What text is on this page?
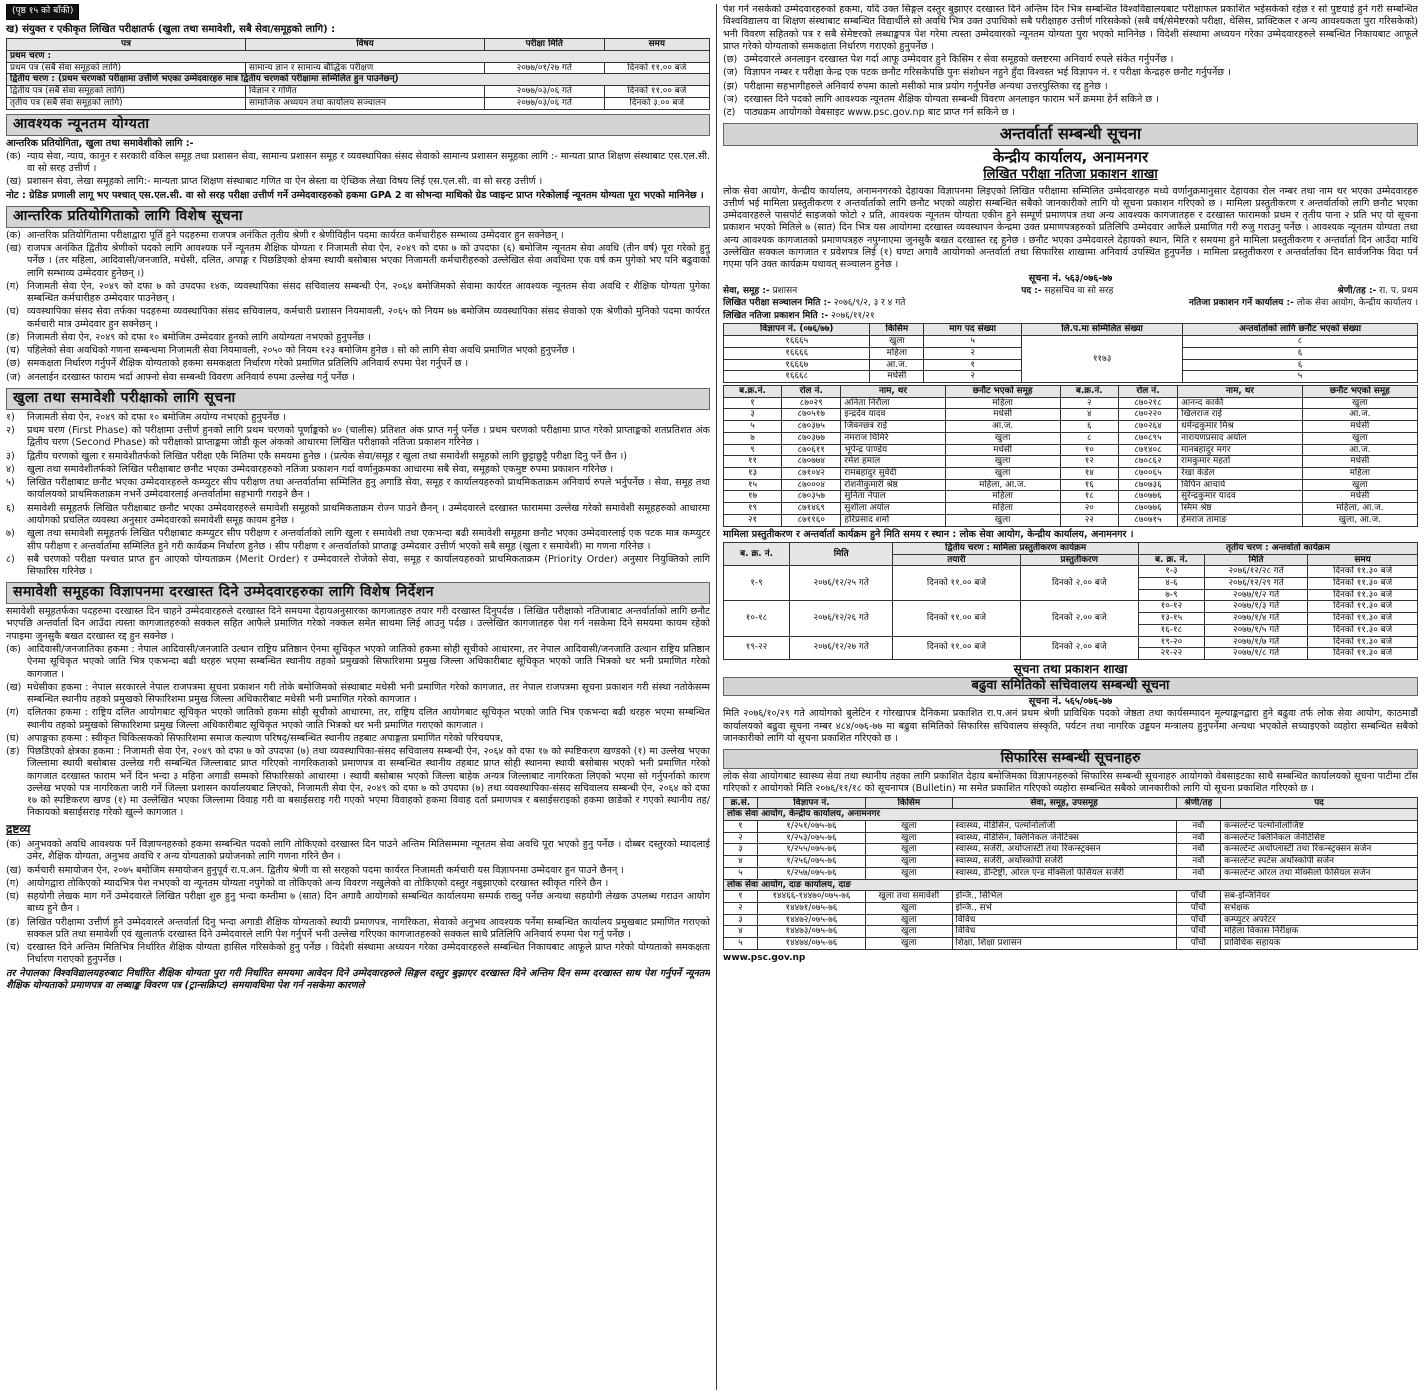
(पृष्ठ १५ को बाँकी)
ख) संयुक्त र एकीकृत लिखित परीक्षातर्फ (खुला तथा समावेशी, सबै सेवा/समूहको लागि) :
पत्र	विषय	परीक्षा मिति	समय
प्रथम चरण :			
प्रथम पत्र (सबै सेवा समूहको लागि)	सामान्य ज्ञान र सामान्य बौद्धिक परीक्षण	२०७७/०१/२७ गते	दिनको ११.०० बजे
द्वितीय चरण : (प्रथम चरणको परीक्षामा उत्तीर्ण भएका उम्मेदवारहरु मात्र द्वितीय चरणको परीक्षामा सम्मिलित हुन पाउनेछन्)			
द्वितीय पत्र (सबै सेवा समूहको लागि)	विज्ञान र गणित	२०७७/०३/०६ गते	दिनको ११.०० बजे
तृतीय पत्र (सबै सेवा समूहको लागि)	सामाजिक अध्ययन तथा कार्यालय सञ्चालन	२०७७/०३/०६ गते	दिनको ३.०० बजे
आवश्यक न्यूनतम योग्यता

आन्तरिक प्रतियोगिता, खुला तथा समावेशीको लागि :-

(क) न्याय सेवा, न्याय, कानून र सरकारी वकिल समूह तथा प्रशासन सेवा, सामान्य प्रशासन समूह र व्यवस्थापिका संसद सेवाको सामान्य प्रशासन समूहका लागि :- मान्यता प्राप्त शिक्षण संस्थाबाट एस.एल.सी. वा सो सरह उत्तीर्ण ।
(ख) प्रशासन सेवा, लेखा समूहको लागि:- मान्यता प्राप्त शिक्षण संस्थाबाट गणित वा ऐन स्रेस्ता वा ऐच्छिक लेखा विषय लिई एस.एल.सी. वा सो सरह उत्तीर्ण ।

नोट : ग्रेडिङ प्रणाली लागू भए पश्चात् एस.एल.सी. वा सो सरह परीक्षा उत्तीर्ण गर्ने उम्मेदवारहरुको हकमा GPA 2 वा सोभन्दा माथिको ग्रेड प्वाइन्ट प्राप्त गरेकोलाई न्यूनतम योग्यता पूरा भएको मानिनेछ ।

आन्तरिक प्रतियोगिताको लागि विशेष सूचना
(क) आन्तरिक प्रतियोगितामा परीक्षाद्वारा पूर्ति हुने पदहरुमा राजपत्र अनंकित तृतीय श्रेणी र श्रेणीविहीन पदमा कार्यरत कर्मचारीहरु सम्भाव्य उम्मेदवार हुन सक्नेछन् ।
(ख) राजपत्र अनंकित द्वितीय श्रेणीको पदको लागि आवश्यक पर्ने न्यूनतम शैक्षिक योग्यता र निजामती सेवा ऐन, २०४९ को दफा ७ को उपदफा (६) बमोजिम न्यूनतम सेवा अवधि (तीन वर्ष) पूरा गरेको हुनु पर्नेछ । (तर महिला, आदिवासी/जनजाति, मधेसी, दलित, अपाङ्ग र पिछडिएको क्षेत्रमा स्थायी बसोबास भएका निजामती कर्मचारीहरुको उल्लेखित सेवा अवधिमा एक वर्ष कम पुगेको भए पनि बढुवाको लागि सम्भाव्य उम्मेदवार हुनेछन् ।)
(ग) निजामती सेवा ऐन, २०४९ को दफा ७ को उपदफा १४क, व्यवस्थापिका संसद सचिवालय सम्बन्धी ऐन, २०६४ बमोजिमको सेवामा कार्यरत आवश्यक न्यूनतम सेवा अवधि र शैक्षिक योग्यता पुगेका सम्बन्धित कर्मचारीहरु उम्मेदवार पाउनेछन् ।
(घ) व्यवस्थापिका संसद सेवा तर्फका पदहरुमा व्यवस्थापिका संसद सचिवालय, कर्मचारी प्रशासन नियमावली, २०६५ को नियम ७७ बमोजिम व्यवस्थापिका संसद सेवाको एक श्रेणीको मुनिको पदमा कार्यरत कर्मचारी मात्र उम्मेदवार हुन सक्नेछन् ।
(ङ) निजामती सेवा ऐन, २०४९ को दफा १० बमोजिम उम्मेदवार हुनको लागि अयोग्यता नभएको हुनुपर्नेछ ।
(च) पहिलेको सेवा अवधिको गणना सम्बन्धमा निजामती सेवा नियमावली, २०५० को नियम १२३ बमोजिम हुनेछ । सो को लागि सेवा अवधि प्रमाणित भएको हुनुपर्नेछ ।
(छ) समकक्षता निर्धारण गर्नुपर्ने शैक्षिक योग्यताको हकमा समकक्षता निर्धारण गरेको प्रमाणित प्रतिलिपि अनिवार्य रुपमा पेश गर्नुपर्ने छ ।
(ज) अनलाईन दरखास्त फाराम भर्दा आफ्नो सेवा सम्बन्धी विवरण अनिवार्य रुपमा उल्लेख गर्नु पर्नेछ ।
खुला तथा समावेशी परीक्षाको लागि सूचना
१)	निजामती सेवा ऐन, २०४९ को दफा १० बमोजिम अयोग्य नभएको हुनुपर्नेछ ।
२)	प्रथम चरण (First Phase) को परीक्षामा उत्तीर्ण हुनको लागि प्रथम चरणको पूर्णाङ्कको ४० (चालीस) प्रतिशत अंक प्राप्त गर्नु पर्नेछ । प्रथम चरणको परीक्षामा प्राप्त गरेको प्राप्ताङ्कको शतप्रतिशत अंक द्वितीय चरण (Second Phase) को परीक्षाको प्राप्ताङ्कमा जोडी कूल अंकको आधारमा लिखित परीक्षाको नतिजा प्रकाशन गरिनेछ ।
३)	द्वितीय चरणको खुला र समावेशीतर्फको लिखित परीक्षा एकै मितिमा एकै समयमा हुनेछ । (प्रत्येक सेवा/समूह र खुला तथा समावेशी समूहको लागि छुट्टाछुट्टै परीक्षा दिनु पर्ने छैन ।)
४)	खुला तथा समावेशीतर्फको लिखित परीक्षाबाट छनौट भएका उम्मेदवारहरुको नतिजा प्रकाशन गर्दा वर्णानुक्रमका आधारमा सबै सेवा, समूहको एकमुष्ट रुपमा प्रकाशन गरिनेछ ।
५)	लिखित परीक्षाबाट छनौट भएका उम्मेदवारहरुले कम्प्युटर सीप परीक्षण तथा अन्तर्वार्तामा सम्मिलित हुनु अगाडि सेवा, समूह र कार्यालयहरुको प्राथमिकताक्रम अनिवार्य रुपले भर्नुपर्नेछ । सेवा, समूह तथा कार्यालयको प्राथमिकताक्रम नभर्ने उम्मेदवारलाई अन्तर्वार्तामा सहभागी गराइने छैन ।
६)	समावेशी समूहतर्फ लिखित परीक्षाबाट छनौट भएका उम्मेदवारहरुले समावेशी समूहको प्राथमिकताक्रम रोज्न पाउने छैनन् । उम्मेदवारले दरखास्त फाराममा उल्लेख गरेको समावेशी समूहहरुको आधारमा आयोगको प्रचलित व्यवस्था अनुसार उम्मेदवारको समावेशी समूह कायम हुनेछ ।
७)	खुला तथा समावेशी समूहतर्फ लिखित परीक्षाबाट कम्प्युटर सीप परीक्षण र अन्तर्वार्ताको लागि खुला र समावेशी तथा एकभन्दा बढी समावेशी समूहमा छनौट भएका उम्मेदवारलाई एक पटक मात्र कम्प्युटर सीप परीक्षण र अन्तर्वार्तामा सम्मिलित हुने गरी कार्यक्रम निर्धारण हुनेछ । सीप परीक्षण र अन्तर्वार्ताको प्राप्ताङ्क उम्मेदवार उत्तीर्ण भएको सबै समूह (खुला र समावेशी) मा गणना गरिनेछ ।
८)	सबै चरणको परीक्षा पश्चात प्राप्त हुन आएको योग्यताक्रम (Merit Order) र उम्मेदवारले रोजेको सेवा, समूह र कार्यालयहरुको प्राथमिकताक्रम (Priority Order) अनुसार नियुक्तिको लागि सिफारिस गरिनेछ ।
समावेशी समूहका विज्ञापनमा दरखास्त दिने उम्मेदवारहरुका लागि विशेष निर्देशन

समावेशी समूहतर्फका पदहरुमा दरखास्त दिन चाहने उम्मेदवारहरुले दरखास्त दिने समयमा देहायअनुसारका कागजातहरु तयार गरी दरखास्त दिनुपर्दछ । लिखित परीक्षाको नतिजाबाट अन्तर्वार्ताको लागि छनौट भएपछि अन्तर्वार्ता दिन आउँदा त्यस्ता कागजातहरुको सक्कल सहित आफैले प्रमाणित गरेको नक्कल समेत साथमा लिई आउनु पर्दछ । उल्लेखित कागजातहरु पेश गर्न नसकेमा दिने समयमा कायम रहेको नपाइमा जुनसुकै बखत दरखास्त रद्द हुन सक्नेछ ।

(क) आदिवासी/जनजातिका हकमा : नेपाल आदिवासी/जनजाति उत्थान राष्ट्रिय प्रतिष्ठान ऐनमा सूचिकृत भएको जातिको हकमा सोही सूचीको आधारमा, तर नेपाल आदिवासी/जनजाति उत्थान राष्ट्रिय प्रतिष्ठान ऐनमा सूचिकृत भएको जाति भित्र एकभन्दा बढी थरहरु भएमा सम्बन्धित स्थानीय तहको प्रमुखको सिफारिशमा प्रमुख जिल्ला अधिकारीबाट सूचिकृत भएको जाति भित्रको थर भनी प्रमाणित गरेको कागजात ।
(ख) मधेसीका हकमा : नेपाल सरकारले नेपाल राजपत्रमा सूचना प्रकाशन गरी तोके बमोजिमको संस्थाबाट मधेसी भनी प्रमाणित गरेको कागजात, तर नेपाल राजपत्रमा सूचना प्रकाशन गरी संस्था नतोकेसम्म सम्बन्धित स्थानीय तहको प्रमुखको सिफारिशमा प्रमुख जिल्ला अधिकारीबाट मधेसी भनी प्रमाणित गरेको कागजात ।
(ग) दलितका हकमा : राष्ट्रिय दलित आयोगबाट सूचिकृत भएको जातिको हकमा सोही सूचीको आधारमा, तर, राष्ट्रिय दलित आयोगबाट सूचिकृत भएको जाति भित्र एकभन्दा बढी थरहरु भएमा सम्बन्धित स्थानीय तहको प्रमुखको सिफारिशमा प्रमुख जिल्ला अधिकारीबाट सूचिकृत भएको जाति भित्रको थर भनी प्रमाणित गराएको कागजात ।
(घ) अपाङ्गका हकमा : स्वीकृत चिकित्सकको सिफारिशमा समाज कल्याण परिषद्/सम्बन्धित स्थानीय तहबाट अपाङ्गता प्रमाणित गरेको परिचयपत्र,
(ङ) पिछडिएको क्षेत्रका हकमा : निजामती सेवा ऐन, २०४९ को दफा ७ को उपदफा (७) तथा व्यवस्थापिका-संसद सचिवालय सम्बन्धी ऐन, २०६४ को दफा १७ को स्पष्टिकरण खण्डको (१) मा उल्लेख भएका जिल्लामा स्थायी बसोबास उल्लेख गरी सम्बन्धित जिल्लाबाट प्राप्त गरिएको नागरिकताको प्रमाणपत्र वा सम्बन्धित स्थानीय तहबाट प्राप्त सोही स्थानमा स्थायी बसोबास भएको भनी प्रमाणित गरेको कागजात दरखास्त फाराम भर्ने दिन भन्दा ३ महिना अगाडी सम्मको सिफारिसको आधारमा । स्थायी बसोबास भएको जिल्ला बाहेक अन्यत्र जिल्लाबाट नागरिकता लिएको भएमा सो गर्नुपर्नाको कारण उल्लेख भएको पत्र नागरिकता जारी गर्ने जिल्ला प्रशासन कार्यालयबाट लिएको, निजामती सेवा ऐन, २०४९ को दफा ७ को उपदफा (७) तथा व्यवस्थापिका-संसद सचिवालय सम्बन्धी ऐन, २०६४ को दफा १७ को स्पष्टिकरण खण्ड (१) मा उल्लेखित भएका जिल्लामा विवाह गरी वा बसाईसराइ गरी गएको भएमा विवाहको हकमा विवाह दर्ता प्रमाणपत्र र बसाईसराइको हकमा छाडेको र गएको स्थानीय तह/निकायको बसाईसराइ गरेको खुल्ने कागजात ।
द्रष्टव्य
(क) अनुभवको अवधि आवश्यक पर्ने विज्ञापनहरुको हकमा सम्बन्धित पदको लागि तोकिएको दरखास्त दिन पाउने अन्तिम मितिसम्ममा न्यूनतम सेवा अवधि पूरा भएको हुनु पर्नेछ । दोब्बर दस्तुरको म्यादलाई उमेर, शैक्षिक योग्यता, अनुभव अवधि र अन्य योग्यताको प्रयोजनको लागि गणना गरिने छैन ।
(ख) कर्मचारी समायोजन ऐन, २०७५ बमोजिम समायोजन हुनुपूर्व रा.प.अन. द्वितीय श्रेणी वा सो सरहको पदमा कार्यरत निजामती कर्मचारी यस विज्ञापनमा उम्मेदवार हुन पाउने छैनन् ।
(ग) आयोगद्वारा तोकिएको म्यादभित्र पेश नभएको वा न्यूनतम योग्यता नपुगेको वा तोकिएको अन्य विवरण नखुलेको वा तोकिएको दस्तुर नबुझाएको दरखास्त स्वीकृत गरिने छैन ।
(घ) सहयोगी लेखक माग गर्ने उम्मेदवारले लिखित परीक्षा शुरु हुनु भन्दा कम्तीमा ७ (सात) दिन अगावै आयोगको सम्बन्धित कार्यालयमा सम्पर्क राख्नु पर्नेछ अन्यथा सहयोगी लेखक उपलब्ध गराउन आयोग बाध्य हुने छैन ।
(ङ) लिखित परीक्षामा उत्तीर्ण हुने उम्मेदवारले अन्तर्वार्ता दिनु भन्दा अगाडी शैक्षिक योग्यताको स्थायी प्रमाणपत्र, नागरिकता, सेवाको अनुभव आवश्यक पर्नेमा सम्बन्धित कार्यालय प्रमुखबाट प्रमाणित गराएको सक्कल प्रति तथा समावेशी एवं खुलातर्फ दरखास्त दिने उम्मेदवारले लागि पेश गर्नुपर्ने भनी उल्लेख गरिएका कागजातहरुको सक्कल साथै प्रतिलिपि अनिवार्य रुपमा पेश गर्नु पर्नेछ ।
(च) दरखास्त दिने अन्तिम मितिभित्र निर्धारित शैक्षिक योग्यता हासिल गरिसकेको हुनु पर्नेछ । विदेशी संस्थामा अध्ययन गरेका उम्मेदवारहरुले सम्बन्धित निकायबाट आफूले प्राप्त गरेको योग्यताको समकक्षता निर्धारण गराएको हुनुपर्नेछ ।

तर नेपालका विश्वविद्यालयहरुबाट निर्धारित शैक्षिक योग्यता पुरा गरी निर्धारित समयमा आवेदन दिने उम्मेदवारहरुले सिङ्गल दस्तुर बुझाएर दरखास्त दिने अन्तिम दिन सम्म दरखास्त साथ पेश गर्नुपर्ने न्यूनतम शैक्षिक योग्यताको प्रमाणपत्र वा लब्धाङ्क विवरण पत्र (ट्रान्सक्रिप्ट) समयावधिमा पेश गर्न नसकेमा कारणले

पेश गर्न नसकेको उम्मेदवारहरुको हकमा, यदि उक्त सिङ्गल दस्तुर बुझाएर दरखास्त दिने अन्तिम दिन भित्र सम्बन्धित विश्वविद्यालयबाट परीक्षाफल प्रकाशित भईसकेको रहेछ र सो पुष्टयाई हुने गरी सम्बन्धित विश्वविद्यालय वा शिक्षण संस्थाबाट सम्बन्धित विद्यार्थीले सो अवधि भित्र उक्त उपाधिको सबै परीक्षाहरु उत्तीर्ण गरिसकेको (सबै वर्ष/सेमेष्टरको परीक्षा, थेसिस, प्राक्टिकल र अन्य आवश्यकता पुरा गरिसकेको) भनी विवरण सहितको पत्र र सबै सेमेष्टरको लब्धाङ्कपत्र पेश गरेमा त्यस्ता उम्मेदवारको न्यूनतम योग्यता पुरा भएको मानिनेछ । विदेशी संस्थामा अध्ययन गरेका उम्मेदवारहरुले सम्बन्धित निकायबाट आफूले प्राप्त गरेको योग्यताको समकक्षता निर्धारण गराएको हुनुपर्नेछ ।

(छ) उम्मेदवारले अनलाइन दरखास्त पेश गर्दा आफू उम्मेदवार हुने किसिम र सेवा समूहको क्लष्टरमा अनिवार्य रुपले संकेत गर्नुपर्नेछ ।
(ज) विज्ञापन नम्बर र परीक्षा केन्द्र एक पटक छनौट गरिसकेपछि पुनः संशोधन नहुने हुँदा विश्वस्त भई विज्ञापन नं. र परीक्षा केन्द्रहरु छनौट गर्नुपर्नेछ ।
(झ) परीक्षामा सहभागीहरुले अनिवार्य रुपमा कालो मसीको मात्र प्रयोग गर्नुपर्नेछ अन्यथा उत्तरपुस्तिका रद्द हुनेछ ।
(ञ) दरखास्त दिने पदको लागि आवश्यक न्यूनतम शैक्षिक योग्यता सम्बन्धी विवरण अनलाइन फाराम भर्ने क्रममा हेर्न सकिने छ ।
(ट) पाठ्यक्रम आयोगको वेबसाइट www.psc.gov.np बाट प्राप्त गर्न सकिने छ ।
अन्तर्वार्ता सम्बन्धी सूचना
केन्द्रीय कार्यालय, अनामनगर
लिखित परीक्षा नतिजा प्रकाशन शाखा

लोक सेवा आयोग, केन्द्रीय कार्यालय, अनामनगरको देहायका विज्ञापनमा लिइएको लिखित परीक्षामा सम्मिलित उम्मेदवारहरु मध्ये वर्णानुक्रमानुसार देहायका रोल नम्बर तथा नाम थर भएका उम्मेदवारहरु उत्तीर्ण भई मामिला प्रस्तुतीकरण र अन्तर्वार्ताको लागि छनौट भएको व्यहोरा सम्बन्धित सबैको जानकारीको लागि यो सूचना प्रकाशन गरिएको छ । मामिला प्रस्तुतीकरण र अन्तर्वार्ताको लागि छनौट भएका उम्मेदवारहरुले पासपोर्ट साइजको फोटो २ प्रति, आवश्यक न्यूनतम योग्यता एकीन हुने सम्पूर्ण प्रमाणपत्र तथा अन्य आवश्यक कागजातहरु र दरखास्त फारामको प्रथम र तृतीय पाना २ प्रति भए यो सूचना प्रकाशन भएको मितिले ७ (सात) दिन भित्र यस आयोगमा दरखास्त व्यवस्थापन केन्द्रमा उक्त प्रमाणपत्रहरुको प्रतिलिपि उम्मेदवार आफैंले प्रमाणित गरी रुजु गराउनु पर्नेछ । आवश्यक न्यूनतम योग्यता तथा अन्य आवश्यक कागजातको प्रमाणपत्रहरु नपुग्नाएमा जुनसुकै बखत दरखास्त रद्द हुनेछ । छनौट भएका उम्मेदवारले देहायको स्थान, मिति र समयमा हुने मामिला प्रस्तुतीकरण र अन्तर्वार्ता दिन आउँदा माथि उल्लेखित सक्कल कागजात र प्रवेशपत्र लिई (१) घण्टा अगावै आयोगको अन्तर्वार्ता तथा सिफारिस शाखामा अनिवार्य उपस्थित हुनुपर्नेछ । मामिला प्रस्तुतीकरण र अन्तर्वार्ताका दिन सार्वजनिक विदा पर्न गएमा पनि उक्त कार्यक्रम यथावत् सञ्चालन हुनेछ ।

सूचना नं. ५६३/०७६-७७
सेवा, समूह :- प्रशासन	पद :- सहसचिव वा सो सरह	श्रेणी/तह :- रा. प. प्रथम
लिखित परीक्षा सञ्चालन मिति :- २०७६/९/२, ३ र ४ गते	नतिजा प्रकाशन गर्ने कार्यालय :- लोक सेवा आयोग, केन्द्रीय कार्यालय ।
लिखित नतिजा प्रकाशन मिति :- २०७६/११/२१
विज्ञापन नं. (०७६/७७)	किसिम	माग पद संख्या	लि.प.मा सम्मिलित संख्या	अन्तर्वार्ताको लागि छनौट भएको संख्या
१६६६५	खुला	५	११७३	८
१६६६६	महिला	२		६
१६६६७	आ.ज.	१		६
१६६६८	मधेसी	२		५
ब.क्र.नं.	रोल नं.	नाम, थर	छनौट भएको समूह	ब.क्र.नं.	रोल नं.	नाम, थर	छनौट भएको समूह
१	८७०२९	अनिता निरौला	महिला	२	८७०२१८	आनन्द कार्की	खुला
३	८७०५१७	इन्द्रदेव यादव	मधेसी	४	८७०२२०	खिलराज राई	आ.ज.
५	८७०३७५	जिवनछत्र राई	आ.ज.	६	८७०२६४	धर्मेन्द्रकुमार मिश्र	मधेसी
७	८७०३७७	नमराज घिमिरे	खुला	८	८७०८९५	नारायणप्रसाद अर्याल	खुला
९	८७०६११	भूपेन्द्र पाण्डेय	मधेसी	१०	८७१४०८	मानबहादुर मगर	आ.ज.
११	८७०७७४	रमेश हमाल	खुला	१२	८७०८६२	रामकुमार महतो	मधेसी
१३	८७१०४२	रामबहादुर सुवेदी	खुला	१४	८७००६५	रेखा केडेल	महिला
१५	८७०००४	रोशनीकुमारी श्रेष्ठ	महिला, आ.ज.	१६	८७०७३६	विपिन आचार्य	खुला
१७	८७०३५७	सुनिता नेपाल	महिला	१८	८७०७७६	सुरेन्द्रकुमार यादव	मधेसी
१९	८७१४६९	सुशीला अर्याल	महिला	२०	८७०७७६	स्मिम श्रेष्ठ	महिला, आ.ज.
२१	८७११६०	हरिप्रसाद शर्मा	खुला	२२	८७०७१५	हेमराज तामाङ	खुला, आ.ज.

मामिला प्रस्तुतीकरण र अन्तर्वार्ता कार्यक्रम हुने मिति समय र स्थान : लोक सेवा आयोग, केन्द्रीय कार्यालय, अनामनगर ।

ब. क्र. नं.	मिति	द्वितीय चरण : मामिला प्रस्तुतीकरण कार्यक्रम		तृतीय चरण : अन्तर्वार्ता कार्यक्रम		
		तयारी	प्रस्तुतीकरण	ब. क्र. नं.	मिति	समय
१-९	२०७६/१२/२५ गते	दिनको ११.०० बजे	दिनको २.०० बजे	१-३	२०७६/१२/२८ गते	दिनको ११.३० बजे
				४-६	२०७६/१२/२९ गते	दिनको ११.३० बजे
				७-९	२०७७/१/२ गते	दिनको ११.३० बजे
१०-१८	२०७६/१२/२६ गते	दिनको ११.०० बजे	दिनको २.०० बजे	१०-१२	२०७७/१/३ गते	दिनको ११.३० बजे
				१३-१५	२०७७/१/४ गते	दिनको ११.३० बजे
				१६-१८	२०७७/१/५ गते	दिनको ११.३० बजे
१९-२२	२०७६/१२/२७ गते	दिनको ११.०० बजे	दिनको २.०० बजे	१९-२०	२०७७/१/७ गते	दिनको ११.३० बजे
				२१-२२	२०७७/१/८ गते	दिनको ११.३० बजे
सूचना तथा प्रकाशन शाखा
बढुवा समितिको सचिवालय सम्बन्धी सूचना
सूचना नं. ५६५/०७६-७७

मिति २०७६/१०/२९ गते आयोगको बुलेटिन र गोरखापत्र दैनिकमा प्रकाशित रा.प.अनं प्रथम श्रेणी प्राविधिक पदको जेष्ठता तथा कार्यसम्पादन मूल्याङ्कनद्वारा हुने बढुवा तर्फ लोक सेवा आयोग, काठमाडौं कार्यालयको बढुवा सूचना नम्बर ४८४/०७६-७७ मा बढुवा समितिको सिफारिस सचिवालय संस्कृति, पर्यटन तथा नागरिक उड्डयन मन्त्रालय हुनुपर्नेमा अन्यथा भएकोले सच्याइएको व्यहोरा सम्बन्धित सबैको जानकारीको लागि यो सूचना प्रकाशित गरिएको छ ।

सिफारिस सम्बन्धी सूचनाहरु

लोक सेवा आयोगबाट स्वास्थ्य सेवा तथा स्थानीय तहका लागि प्रकाशित देहाय बमोजिमका विज्ञापनहरुको सिफारिस सम्बन्धी सूचनाहरु आयोगको वेबसाइटका साथै सम्बन्धित कार्यालयको सूचना पाटीमा टाँस गरिएको र आयोगको मिति २०७६/११/१८ को सूचनापत्र (Bulletin) मा समेत प्रकाशित गरिएको व्यहोरा सम्बन्धित सबैको जानकारीको लागि यो सूचना प्रकाशित गरिएको छ ।

क्र.सं.	विज्ञापन नं.	किसिम	सेवा, समूह, उपसमूह	श्रेणी/तह	पद
लोक सेवा आयोग, केन्द्रीय कार्यालय, अनामनगर					
१	१/२५१/०७५-७६	खुला	स्वास्थ्य, मेडिसिन, पल्मोनोलोजी	नवौं	कन्सल्टेन्ट पल्मोनोलोजिष्ट
२	१/२५३/०७५-७६	खुला	स्वास्थ्य, मेडिसिन, क्लिनिकल जेनेटिक्स	नवौं	कन्सल्टेन्ट क्लिनिकल जेनेटिसिष्ट
३	१/२५५/०७५-७६	खुला	स्वास्थ्य, सर्जरी, अर्थोप्लास्टी तथा रिकन्स्ट्रक्सन	नवौं	कन्सल्टेन्ट अर्थोप्लास्टी तथा रिकन्स्ट्रक्सन सर्जन
४	१/२५६/०७५-७६	खुला	स्वास्थ्य, सर्जरी, अर्थोस्कोपी सर्जरी	नवौं	कन्सल्टेन्ट स्पर्टस अर्थोस्कोपी सर्जन
५	१/२५७/०७५-७६	खुला	स्वास्थ्य, डेन्टिष्ट्री, ओरल एन्ड मेक्सिलो फेसियल सर्जरी	नवौं	कन्सल्टेन्ट ओरल तथा मेक्सिलो फेसियल सर्जन
लोक सेवा आयोग, दाङ कार्यालय, दाङ					
१	१४४६६-१४४७०/०७५-७६	खुला तथा समावेशी	इन्जि., सिभिल	पाँचौं	सब-इन्जिनियर
२	१४४७१/०७५-७६	खुला	इन्जि., सर्भे	पाँचौं	सर्भेक्षक
३	१४४७२/०७५-७६	खुला	विविध	पाँचौं	कम्प्युटर अपरेटर
४	१४४७३/०७५-७६	खुला	विविध	पाँचौं	महिला विकास निरीक्षक
५	१४४७४/०७५-७६	खुला	शिक्षा, शिक्षा प्रशासन	पाँचौं	प्राविधिक सहायक
www.psc.gov.np
